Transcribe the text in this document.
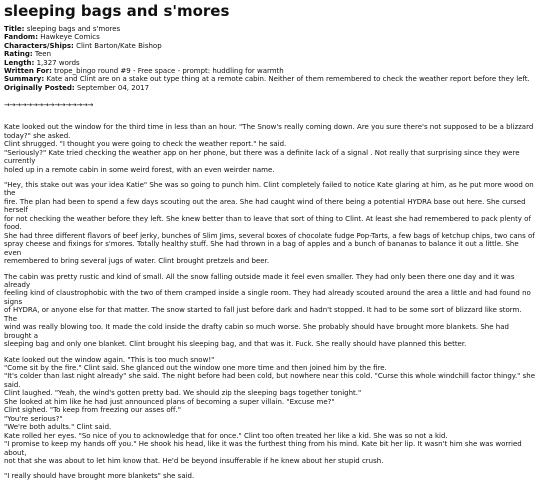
sleeping bags and s'mores
Title: sleeping bags and s'mores
Fandom: Hawkeye Comics
Characters/Ships: Clint Barton/Kate Bishop
Rating: Teen
Length: 1,327 words
Written For: trope_bingo round #9 - Free space - prompt: huddling for warmth
Summary: Kate and Clint are on a stake out type thing at a remote cabin. Neither of them remembered to check the weather report before they left.
Originally Posted: September 04, 2017
→→→→→→→→→→→→→→→→

Kate looked out the window for the third time in less than an hour. "The Snow's really coming down. Are you sure there's not supposed to be a blizzard
today?" she asked.
Clint shrugged. "I thought you were going to check the weather report." he said.
"Seriously?" Kate tried checking the weather app on her phone, but there was a definite lack of a signal . Not really that surprising since they were currently
holed up in a remote cabin in some weird forest, with an even weirder name.

"Hey, this stake out was your idea Katie" She was so going to punch him. Clint completely failed to notice Kate glaring at him, as he put more wood on the
fire. The plan had been to spend a few days scouting out the area. She had caught wind of there being a potential HYDRA base out here. She cursed herself
for not checking the weather before they left. She knew better than to leave that sort of thing to Clint. At least she had remembered to pack plenty of food.
She had three different flavors of beef jerky, bunches of Slim Jims, several boxes of chocolate fudge Pop-Tarts, a few bags of ketchup chips, two cans of
spray cheese and fixings for s'mores. Totally healthy stuff. She had thrown in a bag of apples and a bunch of bananas to balance it out a little. She even
remembered to bring several jugs of water. Clint brought pretzels and beer.

The cabin was pretty rustic and kind of small. All the snow falling outside made it feel even smaller. They had only been there one day and it was already
feeling kind of claustrophobic with the two of them cramped inside a single room. They had already scouted around the area a little and had found no signs
of HYDRA, or anyone else for that matter. The snow started to fall just before dark and hadn't stopped. It had to be some sort of blizzard like storm. The
wind was really blowing too. It made the cold inside the drafty cabin so much worse. She probably should have brought more blankets. She had brought a
sleeping bag and only one blanket. Clint brought his sleeping bag, and that was it. Fuck. She really should have planned this better.

Kate looked out the window again. "This is too much snow!"
"Come sit by the fire." Clint said. She glanced out the window one more time and then joined him by the fire.
"It's colder than last night already" she said. The night before had been cold, but nowhere near this cold. "Curse this whole windchill factor thingy." she
said.
Clint laughed. "Yeah, the wind's gotten pretty bad. We should zip the sleeping bags together tonight."
She looked at him like he had just announced plans of becoming a super villain. "Excuse me?"
Clint sighed. "To keep from freezing our asses off."
"You're serious?"
"We're both adults." Clint said.
Kate rolled her eyes. "So nice of you to acknowledge that for once." Clint too often treated her like a kid. She was so not a kid.
"I promise to keep my hands off you." He shook his head, like it was the furthest thing from his mind. Kate bit her lip. It wasn't him she was worried about,
not that she was about to let him know that. He'd be beyond insufferable if he knew about her stupid crush.

"I really should have brought more blankets" she said.
